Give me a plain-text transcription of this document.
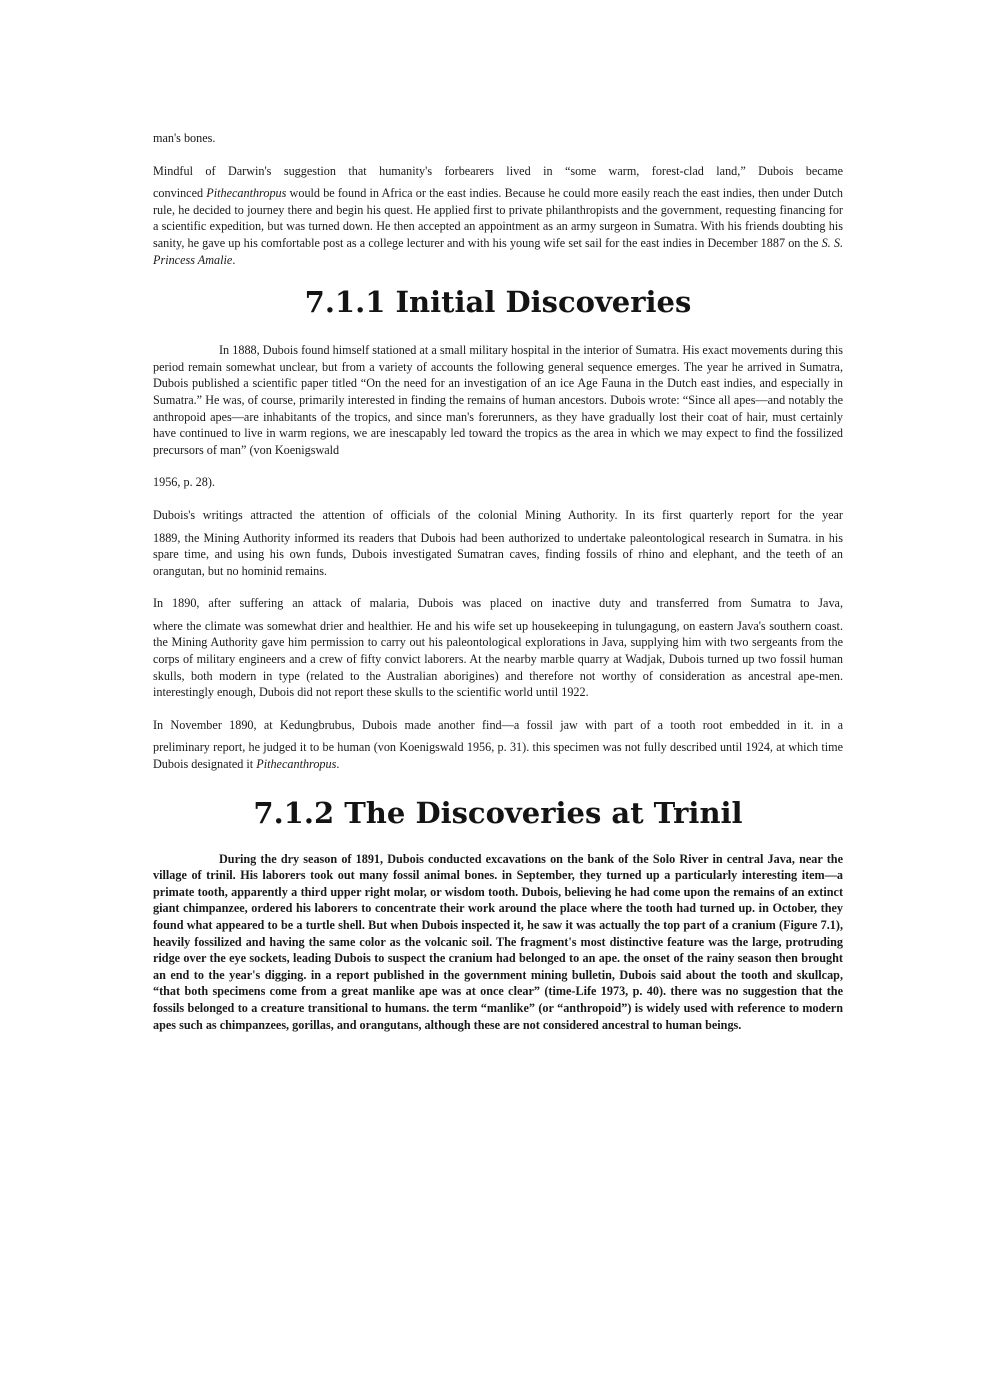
man's bones.

Mindful of Darwin's suggestion that humanity's forbearers lived in “some warm, forest-clad land,” Dubois became
convinced Pithecanthropus would be found in Africa or the east indies. Because he could more easily reach the east indies, then under Dutch rule, he decided to journey there and begin his quest. He applied first to private philanthropists and the government, requesting financing for a scientific expedition, but was turned down. He then accepted an appointment as an army surgeon in Sumatra. With his friends doubting his sanity, he gave up his comfortable post as a college lecturer and with his young wife set sail for the east indies in December 1887 on the S. S. Princess Amalie.

7.1.1 Initial Discoveries

In 1888, Dubois found himself stationed at a small military hospital in the interior of Sumatra. His exact movements during this period remain somewhat unclear, but from a variety of accounts the following general sequence emerges. The year he arrived in Sumatra, Dubois published a scientific paper titled “On the need for an investigation of an ice Age Fauna in the Dutch east indies, and especially in Sumatra.” He was, of course, primarily interested in finding the remains of human ancestors. Dubois wrote: “Since all apes—and notably the anthropoid apes—are inhabitants of the tropics, and since man's forerunners, as they have gradually lost their coat of hair, must certainly have continued to live in warm regions, we are inescapably led toward the tropics as the area in which we may expect to find the fossilized precursors of man” (von Koenigswald

1956, p. 28).

Dubois's writings attracted the attention of officials of the colonial Mining Authority. In its first quarterly report for the year
1889, the Mining Authority informed its readers that Dubois had been authorized to undertake paleontological research in Sumatra. in his spare time, and using his own funds, Dubois investigated Sumatran caves, finding fossils of rhino and elephant, and the teeth of an orangutan, but no hominid remains.

In 1890, after suffering an attack of malaria, Dubois was placed on inactive duty and transferred from Sumatra to Java,
where the climate was somewhat drier and healthier. He and his wife set up housekeeping in tulungagung, on eastern Java's southern coast. the Mining Authority gave him permission to carry out his paleontological explorations in Java, supplying him with two sergeants from the corps of military engineers and a crew of fifty convict laborers. At the nearby marble quarry at Wadjak, Dubois turned up two fossil human skulls, both modern in type (related to the Australian aborigines) and therefore not worthy of consideration as ancestral ape-men. interestingly enough, Dubois did not report these skulls to the scientific world until 1922.

In November 1890, at Kedungbrubus, Dubois made another find—a fossil jaw with part of a tooth root embedded in it. in a
preliminary report, he judged it to be human (von Koenigswald 1956, p. 31). this specimen was not fully described until 1924, at which time Dubois designated it Pithecanthropus.

7.1.2 The Discoveries at Trinil

During the dry season of 1891, Dubois conducted excavations on the bank of the Solo River in central Java, near the village of trinil. His laborers took out many fossil animal bones. in September, they turned up a particularly interesting item—a primate tooth, apparently a third upper right molar, or wisdom tooth. Dubois, believing he had come upon the remains of an extinct giant chimpanzee, ordered his laborers to concentrate their work around the place where the tooth had turned up. in October, they found what appeared to be a turtle shell. But when Dubois inspected it, he saw it was actually the top part of a cranium (Figure 7.1), heavily fossilized and having the same color as the volcanic soil. The fragment's most distinctive feature was the large, protruding ridge over the eye sockets, leading Dubois to suspect the cranium had belonged to an ape. the onset of the rainy season then brought an end to the year's digging. in a report published in the government mining bulletin, Dubois said about the tooth and skullcap, “that both specimens come from a great manlike ape was at once clear” (time-Life 1973, p. 40). there was no suggestion that the fossils belonged to a creature transitional to humans. the term “manlike” (or “anthropoid”) is widely used with reference to modern apes such as chimpanzees, gorillas, and orangutans, although these are not considered ancestral to human beings.
